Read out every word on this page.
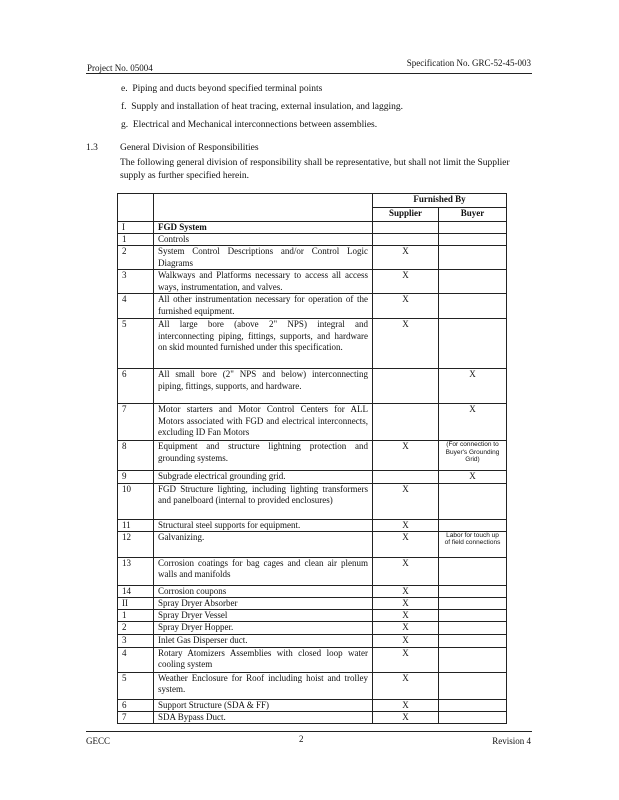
Project No. 05004	Specification No. GRC-52-45-003
e. Piping and ducts beyond specified terminal points
f. Supply and installation of heat tracing, external insulation, and lagging.
g. Electrical and Mechanical interconnections between assemblies.
1.3 General Division of Responsibilities

The following general division of responsibility shall be representative, but shall not limit the Supplier supply as further specified herein.

		Furnished By	
		Supplier	Buyer
I	FGD System		
1	Controls		
2	System Control Descriptions and/or Control Logic Diagrams	X	
3	Walkways and Platforms necessary to access all access ways, instrumentation, and valves.	X	
4	All other instrumentation necessary for operation of the furnished equipment.	X	
5	All large bore (above 2" NPS) integral and interconnecting piping, fittings, supports, and hardware on skid mounted furnished under this specification.	X	
6	All small bore (2" NPS and below) interconnecting piping, fittings, supports, and hardware.		X
7	Motor starters and Motor Control Centers for ALL Motors associated with FGD and electrical interconnects, excluding ID Fan Motors		X
8	Equipment and structure lightning protection and grounding systems.	X	(For connection to Buyer's Grounding Grid)

9	Subgrade electrical grounding grid.		X
10	FGD Structure lighting, including lighting transformers and panelboard (internal to provided enclosures)	X	
11	Structural steel supports for equipment.	X	
12	Galvanizing.	X	Labor for touch up of field connections

13	Corrosion coatings for bag cages and clean air plenum walls and manifolds	X	
14	Corrosion coupons	X	
II	Spray Dryer Absorber	X	
1	Spray Dryer Vessel	X	
2	Spray Dryer Hopper.	X	
3	Inlet Gas Disperser duct.	X	
4	Rotary Atomizers Assemblies with closed loop water cooling system	X	
5	Weather Enclosure for Roof including hoist and trolley system.	X	
6	Support Structure (SDA & FF)	X	
7	SDA Bypass Duct.	X	
GECC	2	Revision 4
